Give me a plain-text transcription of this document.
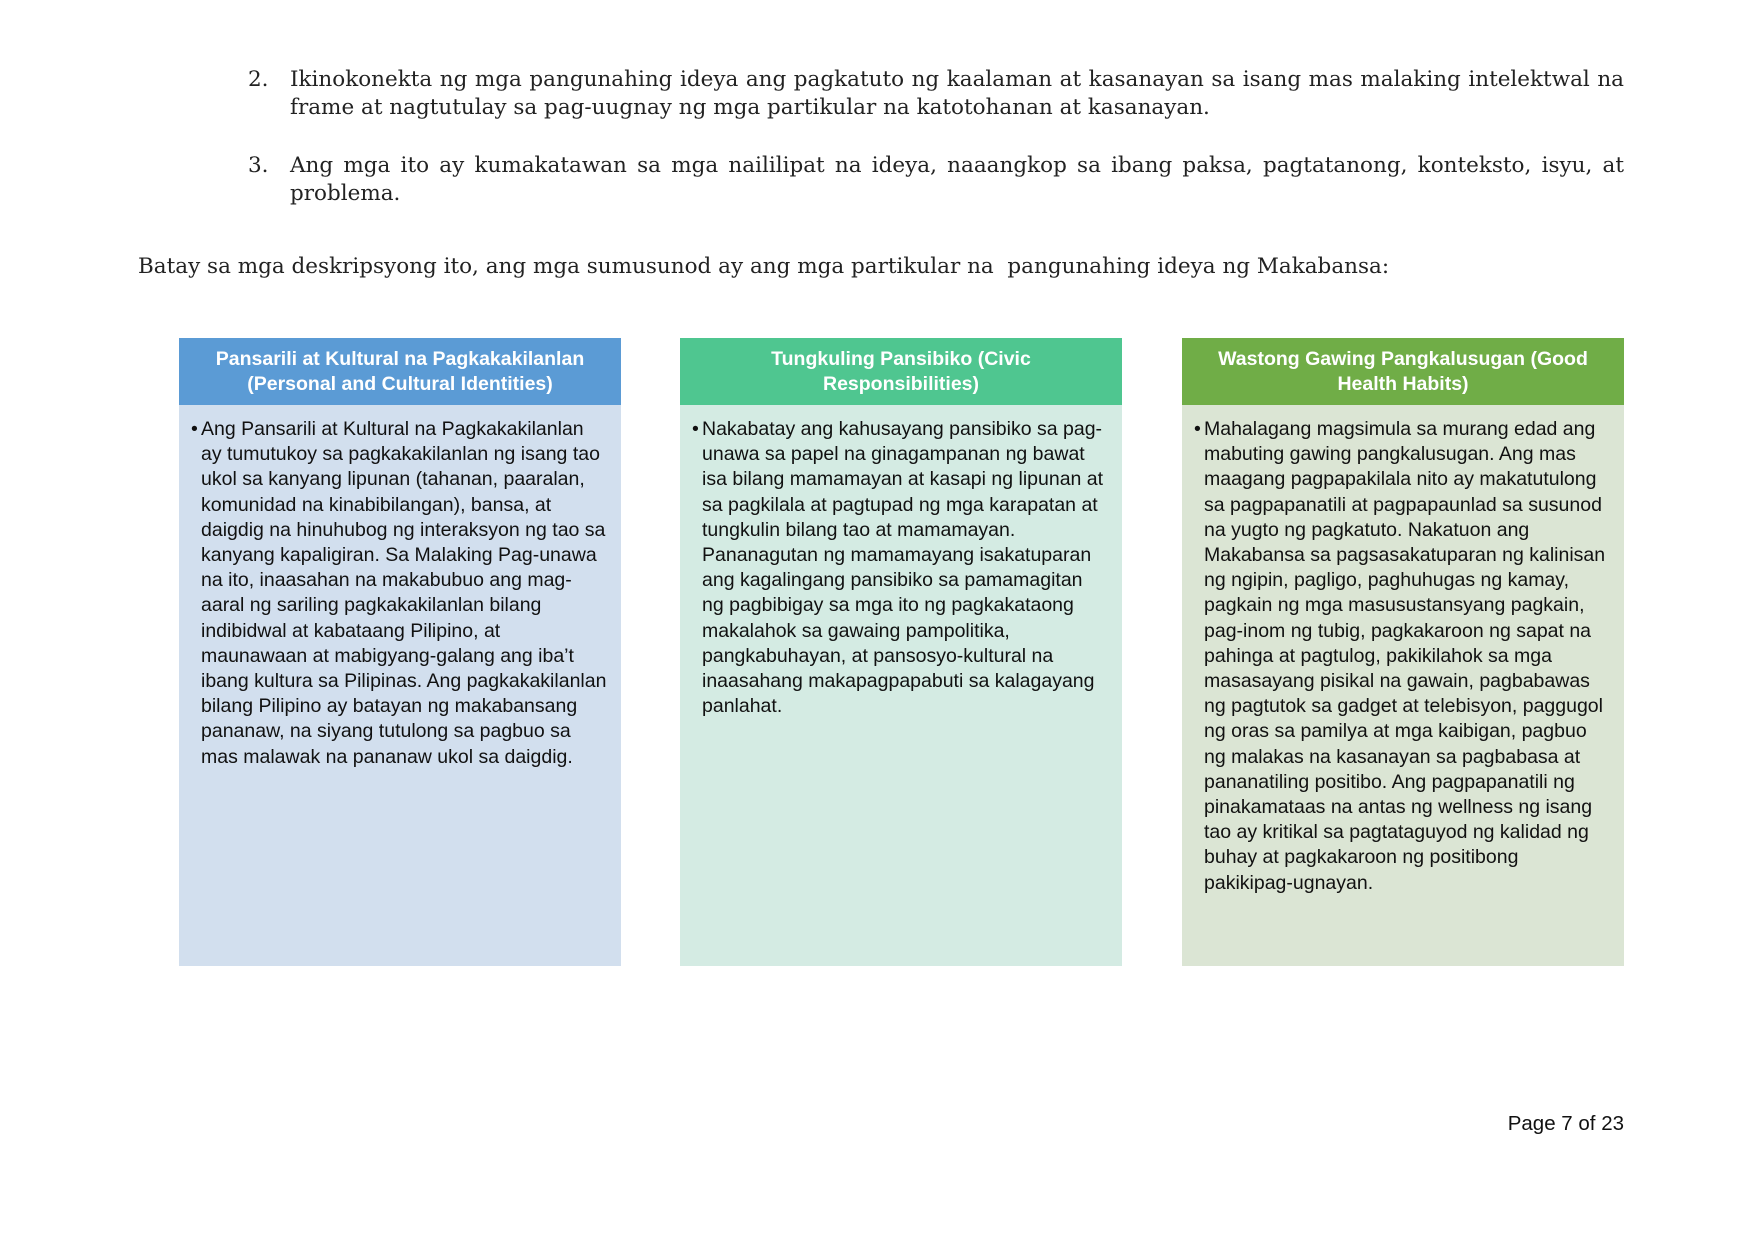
2. Ikinokonekta ng mga pangunahing ideya ang pagkatuto ng kaalaman at kasanayan sa isang mas malaking intelektwal na frame at nagtutulay sa pag-uugnay ng mga partikular na katotohanan at kasanayan.
3. Ang mga ito ay kumakatawan sa mga naililipat na ideya, naaangkop sa ibang paksa, pagtatanong, konteksto, isyu, at problema.
Batay sa mga deskripsyong ito, ang mga sumusunod ay ang mga partikular na  pangunahing ideya ng Makabansa:
Pansarili at Kultural na Pagkakakilanlan (Personal and Cultural Identities)
• Ang Pansarili at Kultural na Pagkakakilanlan ay tumutukoy sa pagkakakilanlan ng isang tao ukol sa kanyang lipunan (tahanan, paaralan, komunidad na kinabibilangan), bansa, at daigdig na hinuhubog ng interaksyon ng tao sa kanyang kapaligiran. Sa Malaking Pag-unawa na ito, inaasahan na makabubuo ang mag-aaral ng sariling pagkakakilanlan bilang indibidwal at kabataang Pilipino, at maunawaan at mabigyang-galang ang iba’t ibang kultura sa Pilipinas. Ang pagkakakilanlan bilang Pilipino ay batayan ng makabansang pananaw, na siyang tutulong sa pagbuo sa mas malawak na pananaw ukol sa daigdig.
Tungkuling Pansibiko (Civic Responsibilities)
• Nakabatay ang kahusayang pansibiko sa pag-unawa sa papel na ginagampanan ng bawat isa bilang mamamayan at kasapi ng lipunan at sa pagkilala at pagtupad ng mga karapatan at tungkulin bilang tao at mamamayan. Pananagutan ng mamamayang isakatuparan ang kagalingang pansibiko sa pamamagitan ng pagbibigay sa mga ito ng pagkakataong makalahok sa gawaing pampolitika, pangkabuhayan, at pansosyo-kultural na inaasahang makapagpapabuti sa kalagayang panlahat.
Wastong Gawing Pangkalusugan (Good Health Habits)
• Mahalagang magsimula sa murang edad ang mabuting gawing pangkalusugan. Ang mas maagang pagpapakilala nito ay makatutulong sa pagpapanatili at pagpapaunlad sa susunod na yugto ng pagkatuto. Nakatuon ang Makabansa sa pagsasakatuparan ng kalinisan ng ngipin, pagligo, paghuhugas ng kamay, pagkain ng mga masusustansyang pagkain, pag-inom ng tubig, pagkakaroon ng sapat na pahinga at pagtulog, pakikilahok sa mga masasayang pisikal na gawain, pagbabawas ng pagtutok sa gadget at telebisyon, paggugol ng oras sa pamilya at mga kaibigan, pagbuo ng malakas na kasanayan sa pagbabasa at pananatiling positibo. Ang pagpapanatili ng pinakamataas na antas ng wellness ng isang tao ay kritikal sa pagtataguyod ng kalidad ng buhay at pagkakaroon ng positibong pakikipag-ugnayan.
Page 7 of 23
